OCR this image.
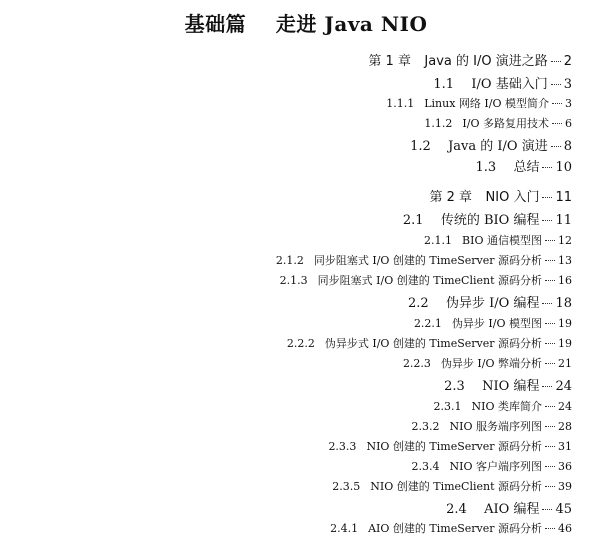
基础篇    走进 Java NIO
第 1 章	Java 的 I/O 演进之路 2
1.1	I/O 基础入门 3
1.1.1 Linux 网络 I/O 模型简介 3
1.1.2 I/O 多路复用技术 6
1.2	Java 的 I/O 演进 8
1.3	总结 10
第 2 章	NIO 入门 11
2.1	传统的 BIO 编程 11
2.1.1 BIO 通信模型图 12
2.1.2 同步阻塞式 I/O 创建的 TimeServer 源码分析 13
2.1.3 同步阻塞式 I/O 创建的 TimeClient 源码分析 16
2.2	伪异步 I/O 编程 18
2.2.1 伪异步 I/O 模型图 19
2.2.2 伪异步式 I/O 创建的 TimeServer 源码分析 19
2.2.3 伪异步 I/O 弊端分析 21
2.3	NIO 编程 24
2.3.1 NIO 类库简介 24
2.3.2 NIO 服务端序列图 28
2.3.3 NIO 创建的 TimeServer 源码分析 31
2.3.4 NIO 客户端序列图 36
2.3.5 NIO 创建的 TimeClient 源码分析 39
2.4	AIO 编程 45
2.4.1 AIO 创建的 TimeServer 源码分析 46
